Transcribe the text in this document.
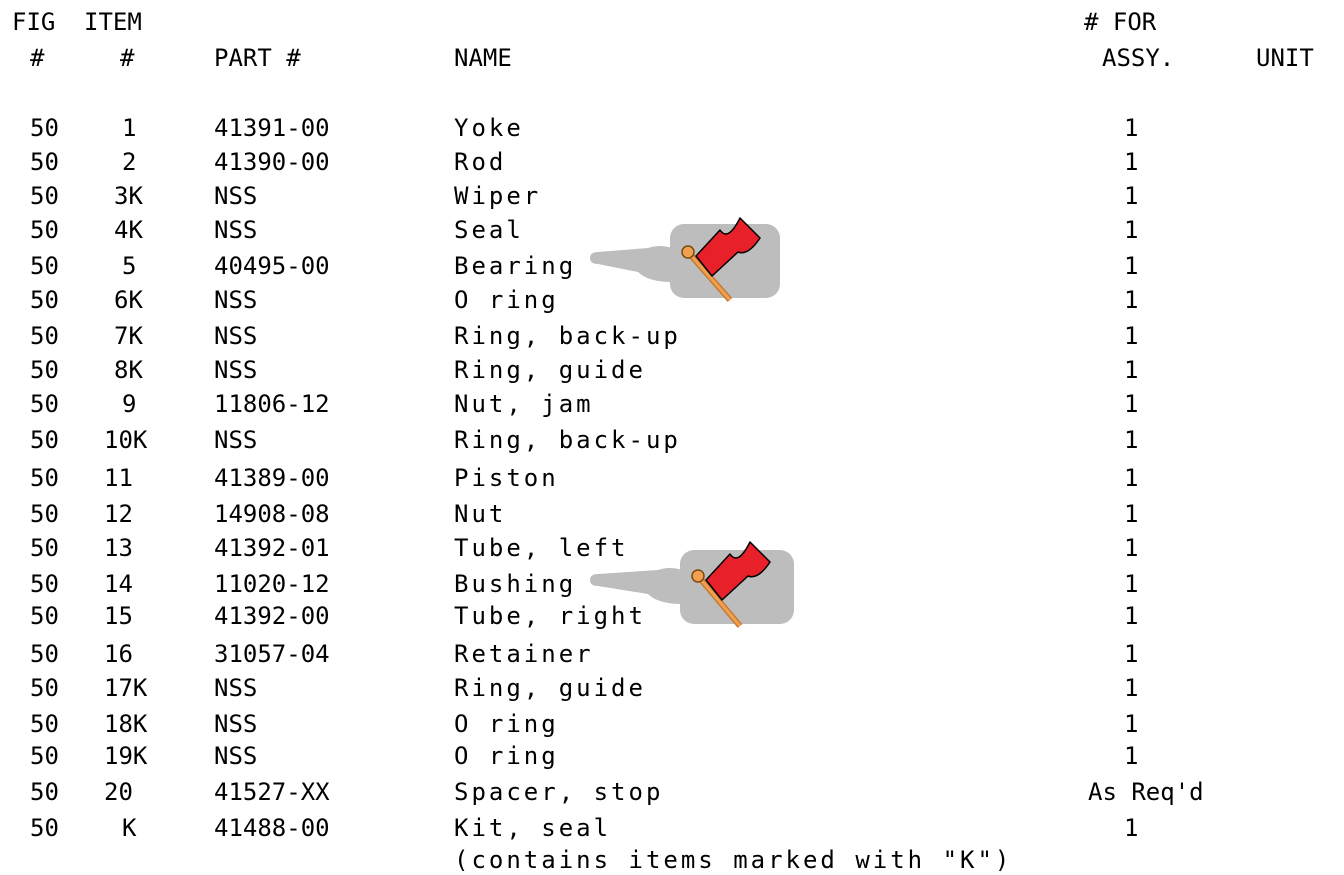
FIG ITEM
#	#	PART #	NAME
# FOR
ASSY.	UNIT
50	1	41391-00	Yoke	1
50	2	41390-00	Rod	1
50 3K	NSS	Wiper	1
50 4K	NSS	Seal	1
50	5	40495-00	Bearing	1
50 6K	NSS	O ring	1
50 7K	NSS	Ring, back-up	1
50 8K	NSS	Ring, guide	1
50	9	11806-12	Nut, jam	1
50 10K	NSS	Ring, back-up	1
50 11	41389-00	Piston	1
50 12	14908-08	Nut	1
50 13	41392-01	Tube, left	1
50 14	11020-12	Bushing	1
50 15	41392-00	Tube, right	1
50 16	31057-04	Retainer	1
50 17K	NSS	Ring, guide	1
50 18K	NSS	O ring	1
50 19K	NSS	O ring	1
50 20	41527-XX	Spacer, stop	As Req'd
50	K	41488-00	Kit, seal	1
(contains items marked with "K")
